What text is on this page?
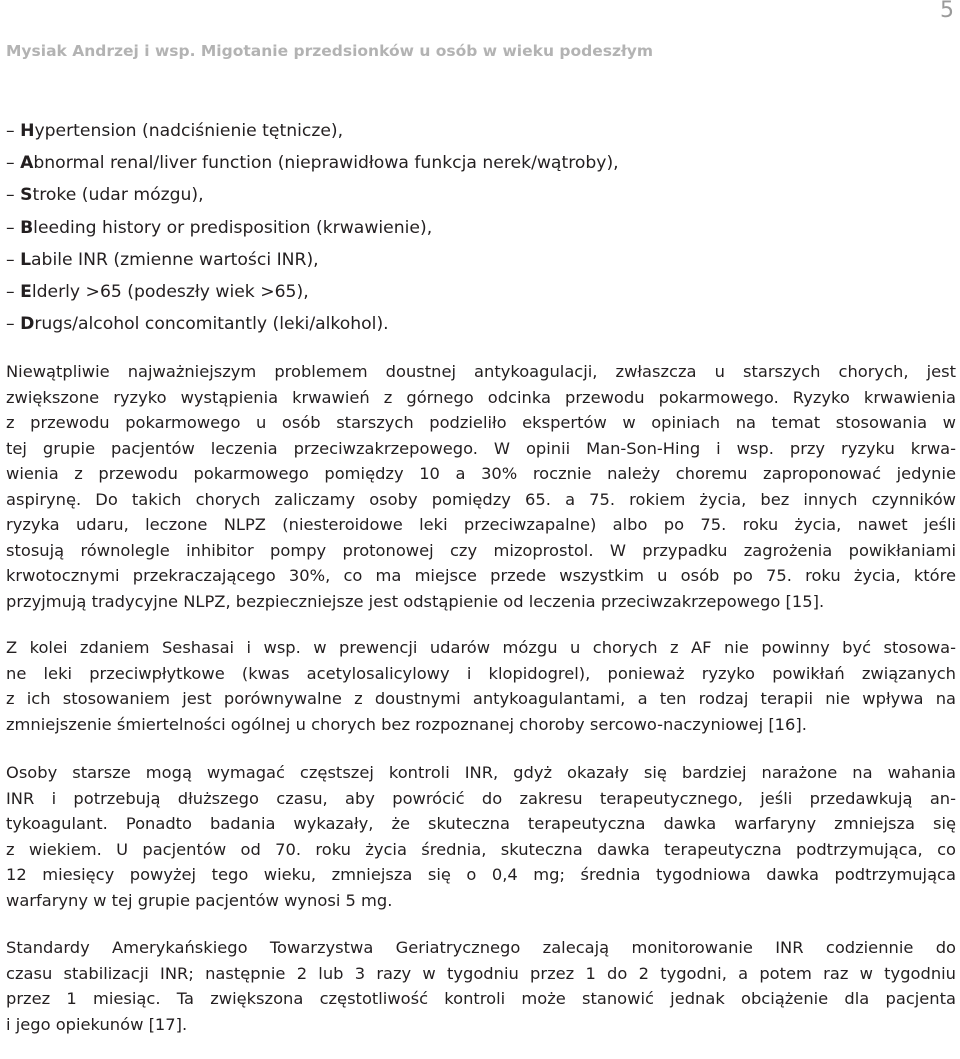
5
Mysiak Andrzej i wsp. Migotanie przedsionków u osób w wieku podeszłym
– Hypertension (nadciśnienie tętnicze),
– Abnormal renal/liver function (nieprawidłowa funkcja nerek/wątroby),
– Stroke (udar mózgu),
– Bleeding history or predisposition (krwawienie),
– Labile INR (zmienne wartości INR),
– Elderly >65 (podeszły wiek >65),
– Drugs/alcohol concomitantly (leki/alkohol).

Niewątpliwie najważniejszym problemem doustnej antykoagulacji, zwłaszcza u starszych chorych, jest
zwiększone ryzyko wystąpienia krwawień z górnego odcinka przewodu pokarmowego. Ryzyko krwawienia
z przewodu pokarmowego u osób starszych podzieliło ekspertów w opiniach na temat stosowania w
tej grupie pacjentów leczenia przeciwzakrzepowego. W opinii Man-Son-Hing i wsp. przy ryzyku krwa-
wienia z przewodu pokarmowego pomiędzy 10 a 30% rocznie należy choremu zaproponować jedynie
aspirynę. Do takich chorych zaliczamy osoby pomiędzy 65. a 75. rokiem życia, bez innych czynników
ryzyka udaru, leczone NLPZ (niesteroidowe leki przeciwzapalne) albo po 75. roku życia, nawet jeśli
stosują równolegle inhibitor pompy protonowej czy mizoprostol. W przypadku zagrożenia powikłaniami
krwotocznymi przekraczającego 30%, co ma miejsce przede wszystkim u osób po 75. roku życia, które
przyjmują tradycyjne NLPZ, bezpieczniejsze jest odstąpienie od leczenia przeciwzakrzepowego [15].

Z kolei zdaniem Seshasai i wsp. w prewencji udarów mózgu u chorych z AF nie powinny być stosowa-
ne leki przeciwpłytkowe (kwas acetylosalicylowy i klopidogrel), ponieważ ryzyko powikłań związanych
z ich stosowaniem jest porównywalne z doustnymi antykoagulantami, a ten rodzaj terapii nie wpływa na
zmniejszenie śmiertelności ogólnej u chorych bez rozpoznanej choroby sercowo-naczyniowej [16].

Osoby starsze mogą wymagać częstszej kontroli INR, gdyż okazały się bardziej narażone na wahania
INR i potrzebują dłuższego czasu, aby powrócić do zakresu terapeutycznego, jeśli przedawkują an-
tykoagulant. Ponadto badania wykazały, że skuteczna terapeutyczna dawka warfaryny zmniejsza się
z wiekiem. U pacjentów od 70. roku życia średnia, skuteczna dawka terapeutyczna podtrzymująca, co
12 miesięcy powyżej tego wieku, zmniejsza się o 0,4 mg; średnia tygodniowa dawka podtrzymująca
warfaryny w tej grupie pacjentów wynosi 5 mg.

Standardy Amerykańskiego Towarzystwa Geriatrycznego zalecają monitorowanie INR codziennie do
czasu stabilizacji INR; następnie 2 lub 3 razy w tygodniu przez 1 do 2 tygodni, a potem raz w tygodniu
przez 1 miesiąc. Ta zwiększona częstotliwość kontroli może stanowić jednak obciążenie dla pacjenta
i jego opiekunów [17].
